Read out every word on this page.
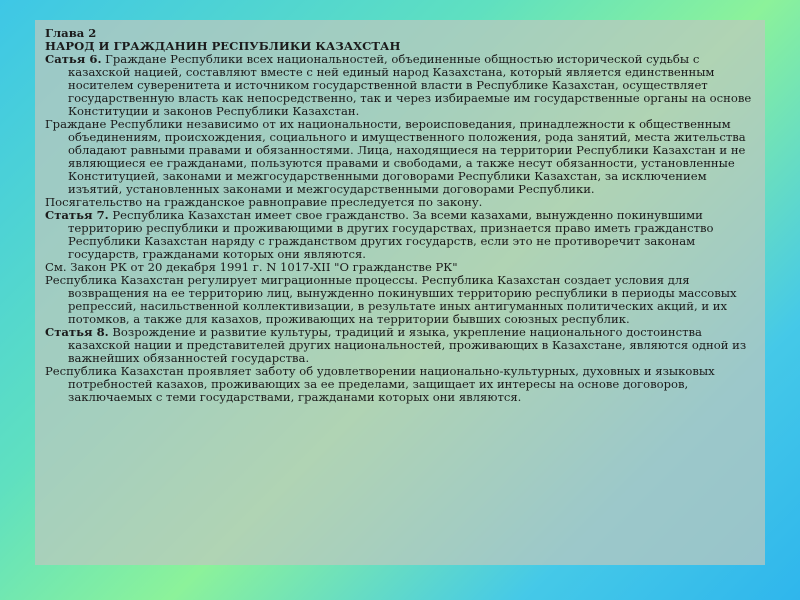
Глава 2

НАРОД И ГРАЖДАНИН РЕСПУБЛИКИ КАЗАХСТАН

Сатья 6. Граждане Республики всех национальностей, объединенные общностью исторической судьбы с казахской нацией, составляют вместе с ней единый народ Казахстана, который является единственным носителем суверенитета и источником государственной власти в Республике Казахстан, осуществляет государственную власть как непосредственно, так и через избираемые им государственные органы на основе Конституции и законов Республики Казахстан.

Граждане Республики независимо от их национальности, вероисповедания, принадлежности к общественным объединениям, происхождения, социального и имущественного положения, рода занятий, места жительства обладают равными правами и обязанностями. Лица, находящиеся на территории Республики Казахстан и не являющиеся ее гражданами, пользуются правами и свободами, а также несут обязанности, установленные Конституцией, законами и межгосударственными договорами Республики Казахстан, за исключением изъятий, установленных законами и межгосударственными договорами Республики.

Посягательство на гражданское равноправие преследуется по закону.

Статья 7. Республика Казахстан имеет свое гражданство. За всеми казахами, вынужденно покинувшими территорию республики и проживающими в других государствах, признается право иметь гражданство Республики Казахстан наряду с гражданством других государств, если это не противоречит законам государств, гражданами которых они являются.

См. Закон РК от 20 декабря 1991 г. N 1017-XII "О гражданстве РК"

Республика Казахстан регулирует миграционные процессы. Республика Казахстан создает условия для возвращения на ее территорию лиц, вынужденно покинувших территорию республики в периоды массовых репрессий, насильственной коллективизации, в результате иных антигуманных политических акций, и их потомков, а также для казахов, проживающих на территории бывших союзных республик.

Статья 8. Возрождение и развитие культуры, традиций и языка, укрепление национального достоинства казахской нации и представителей других национальностей, проживающих в Казахстане, являются одной из важнейших обязанностей государства.

Республика Казахстан проявляет заботу об удовлетворении национально-культурных, духовных и языковых потребностей казахов, проживающих за ее пределами, защищает их интересы на основе договоров, заключаемых с теми государствами, гражданами которых они являются.
